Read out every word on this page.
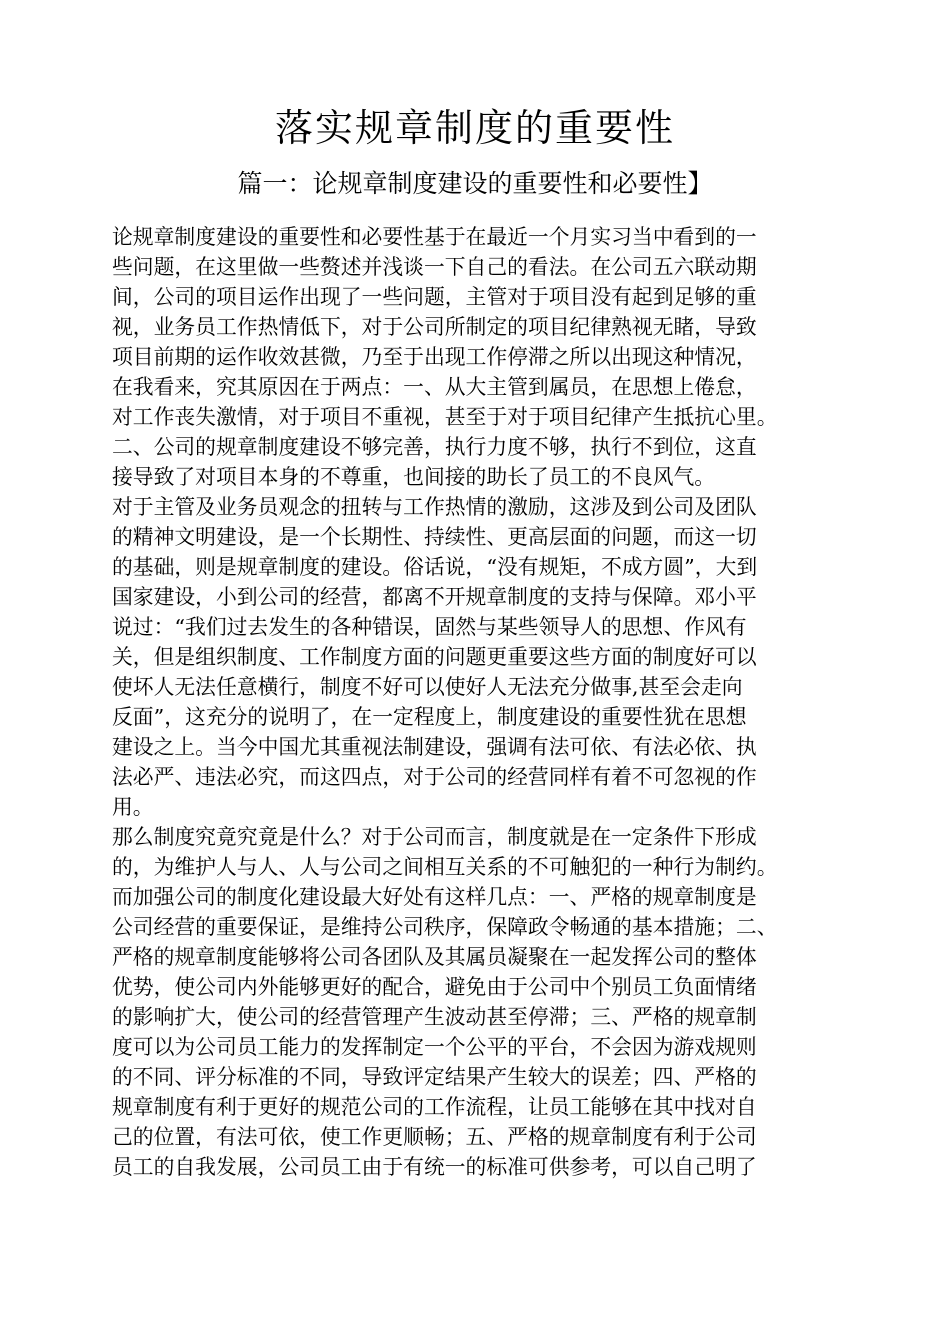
落实规章制度的重要性
篇一：论规章制度建设的重要性和必要性】
论规章制度建设的重要性和必要性基于在最近一个月实习当中看到的一
些问题，在这里做一些赘述并浅谈一下自己的看法。在公司五六联动期
间，公司的项目运作出现了一些问题，主管对于项目没有起到足够的重
视，业务员工作热情低下，对于公司所制定的项目纪律熟视无睹，导致
项目前期的运作收效甚微，乃至于出现工作停滞之所以出现这种情况，
在我看来，究其原因在于两点：一、从大主管到属员，在思想上倦怠，
对工作丧失激情，对于项目不重视，甚至于对于项目纪律产生抵抗心里。
二、公司的规章制度建设不够完善，执行力度不够，执行不到位，这直
接导致了对项目本身的不尊重，也间接的助长了员工的不良风气。
对于主管及业务员观念的扭转与工作热情的激励，这涉及到公司及团队
的精神文明建设，是一个长期性、持续性、更高层面的问题，而这一切
的基础，则是规章制度的建设。俗话说，“没有规矩，不成方圆”，大到
国家建设，小到公司的经营，都离不开规章制度的支持与保障。邓小平
说过：“我们过去发生的各种错误，固然与某些领导人的思想、作风有
关，但是组织制度、工作制度方面的问题更重要这些方面的制度好可以
使坏人无法任意横行，制度不好可以使好人无法充分做事,甚至会走向
反面”，这充分的说明了，在一定程度上，制度建设的重要性犹在思想
建设之上。当今中国尤其重视法制建设，强调有法可依、有法必依、执
法必严、违法必究，而这四点，对于公司的经营同样有着不可忽视的作
用。
那么制度究竟究竟是什么？对于公司而言，制度就是在一定条件下形成
的，为维护人与人、人与公司之间相互关系的不可触犯的一种行为制约。
而加强公司的制度化建设最大好处有这样几点：一、严格的规章制度是
公司经营的重要保证，是维持公司秩序，保障政令畅通的基本措施；二、
严格的规章制度能够将公司各团队及其属员凝聚在一起发挥公司的整体
优势，使公司内外能够更好的配合，避免由于公司中个别员工负面情绪
的影响扩大，使公司的经营管理产生波动甚至停滞；三、严格的规章制
度可以为公司员工能力的发挥制定一个公平的平台，不会因为游戏规则
的不同、评分标准的不同，导致评定结果产生较大的误差；四、严格的
规章制度有利于更好的规范公司的工作流程，让员工能够在其中找对自
己的位置，有法可依，使工作更顺畅；五、严格的规章制度有利于公司
员工的自我发展，公司员工由于有统一的标准可供参考，可以自己明了
